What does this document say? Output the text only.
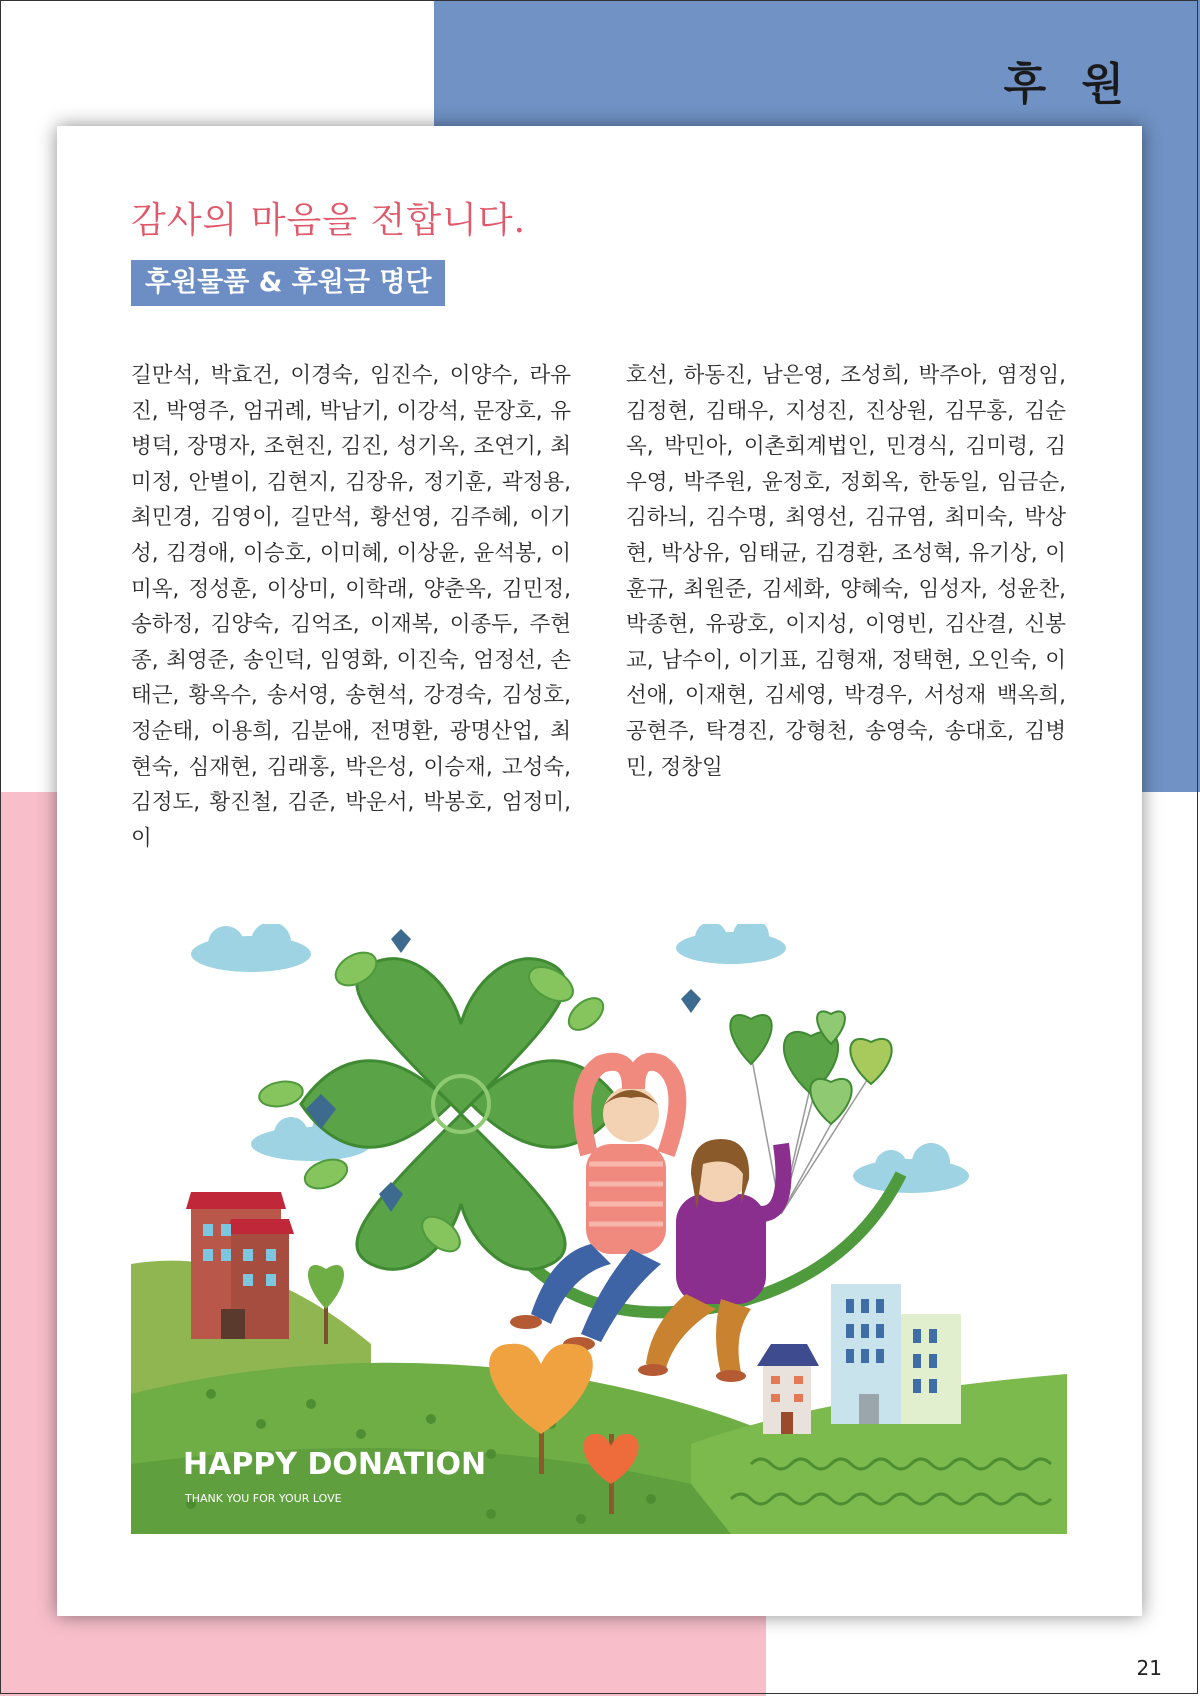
후 원
감사의 마음을 전합니다.
후원물품 & 후원금 명단
길만석, 박효건, 이경숙, 임진수, 이양수, 라유진, 박영주, 엄귀례, 박남기, 이강석, 문장호, 유병덕, 장명자, 조현진, 김진, 성기옥, 조연기, 최미정, 안별이, 김현지, 김장유, 정기훈, 곽정용, 최민경, 김영이, 길만석, 황선영, 김주혜, 이기성, 김경애, 이승호, 이미혜, 이상윤, 윤석봉, 이미옥, 정성훈, 이상미, 이학래, 양춘옥, 김민정, 송하정, 김양숙, 김억조, 이재복, 이종두, 주현종, 최영준, 송인덕, 임영화, 이진숙, 엄정선, 손태근, 황옥수, 송서영, 송현석, 강경숙, 김성호, 정순태, 이용희, 김분애, 전명환, 광명산업, 최현숙, 심재현, 김래홍, 박은성, 이승재, 고성숙, 김정도, 황진철, 김준, 박운서, 박봉호, 엄정미, 이
호선, 하동진, 남은영, 조성희, 박주아, 염정임, 김정현, 김태우, 지성진, 진상원, 김무홍, 김순옥, 박민아, 이촌회계법인, 민경식, 김미령, 김우영, 박주원, 윤정호, 정회옥, 한동일, 임금순, 김하늬, 김수명, 최영선, 김규염, 최미숙, 박상현, 박상유, 임태균, 김경환, 조성혁, 유기상, 이훈규, 최원준, 김세화, 양혜숙, 임성자, 성윤찬, 박종현, 유광호, 이지성, 이영빈, 김산결, 신봉교, 남수이, 이기표, 김형재, 정택현, 오인숙, 이선애, 이재현, 김세영, 박경우, 서성재 백옥희, 공현주, 탁경진, 강형천, 송영숙, 송대호, 김병민, 정창일
HAPPY DONATION
THANK YOU FOR YOUR LOVE
21
